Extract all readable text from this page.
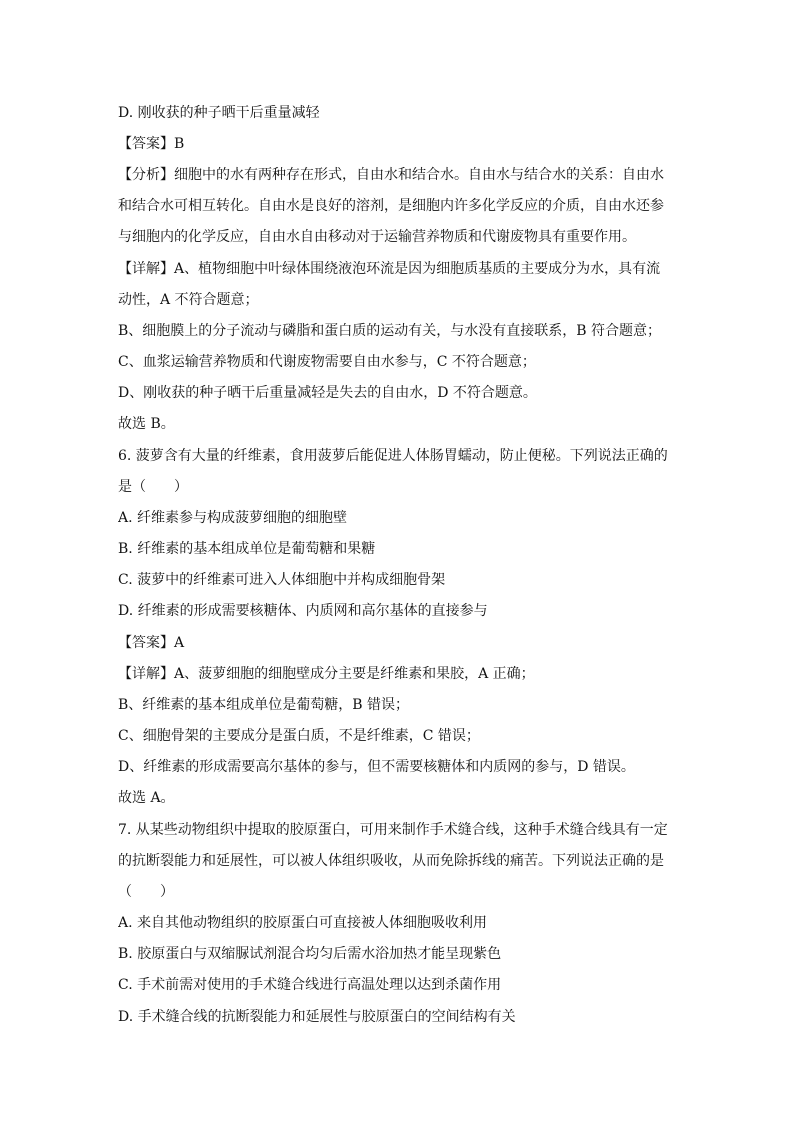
D. 刚收获的种子晒干后重量减轻
【答案】B
【分析】细胞中的水有两种存在形式，自由水和结合水。自由水与结合水的关系：自由水
和结合水可相互转化。自由水是良好的溶剂，是细胞内许多化学反应的介质，自由水还参
与细胞内的化学反应，自由水自由移动对于运输营养物质和代谢废物具有重要作用。
【详解】A、植物细胞中叶绿体围绕液泡环流是因为细胞质基质的主要成分为水，具有流
动性，A 不符合题意；
B、细胞膜上的分子流动与磷脂和蛋白质的运动有关，与水没有直接联系，B 符合题意；
C、血浆运输营养物质和代谢废物需要自由水参与，C 不符合题意；
D、刚收获的种子晒干后重量减轻是失去的自由水，D 不符合题意。
故选 B。
6. 菠萝含有大量的纤维素，食用菠萝后能促进人体肠胃蠕动，防止便秘。下列说法正确的
是（　　）
A. 纤维素参与构成菠萝细胞的细胞壁
B. 纤维素的基本组成单位是葡萄糖和果糖
C. 菠萝中的纤维素可进入人体细胞中并构成细胞骨架
D. 纤维素的形成需要核糖体、内质网和高尔基体的直接参与
【答案】A
【详解】A、菠萝细胞的细胞壁成分主要是纤维素和果胶，A 正确；
B、纤维素的基本组成单位是葡萄糖，B 错误；
C、细胞骨架的主要成分是蛋白质，不是纤维素，C 错误；
D、纤维素的形成需要高尔基体的参与，但不需要核糖体和内质网的参与，D 错误。
故选 A。
7. 从某些动物组织中提取的胶原蛋白，可用来制作手术缝合线，这种手术缝合线具有一定
的抗断裂能力和延展性，可以被人体组织吸收，从而免除拆线的痛苦。下列说法正确的是
（　　）
A. 来自其他动物组织的胶原蛋白可直接被人体细胞吸收利用
B. 胶原蛋白与双缩脲试剂混合均匀后需水浴加热才能呈现紫色
C. 手术前需对使用的手术缝合线进行高温处理以达到杀菌作用
D. 手术缝合线的抗断裂能力和延展性与胶原蛋白的空间结构有关
